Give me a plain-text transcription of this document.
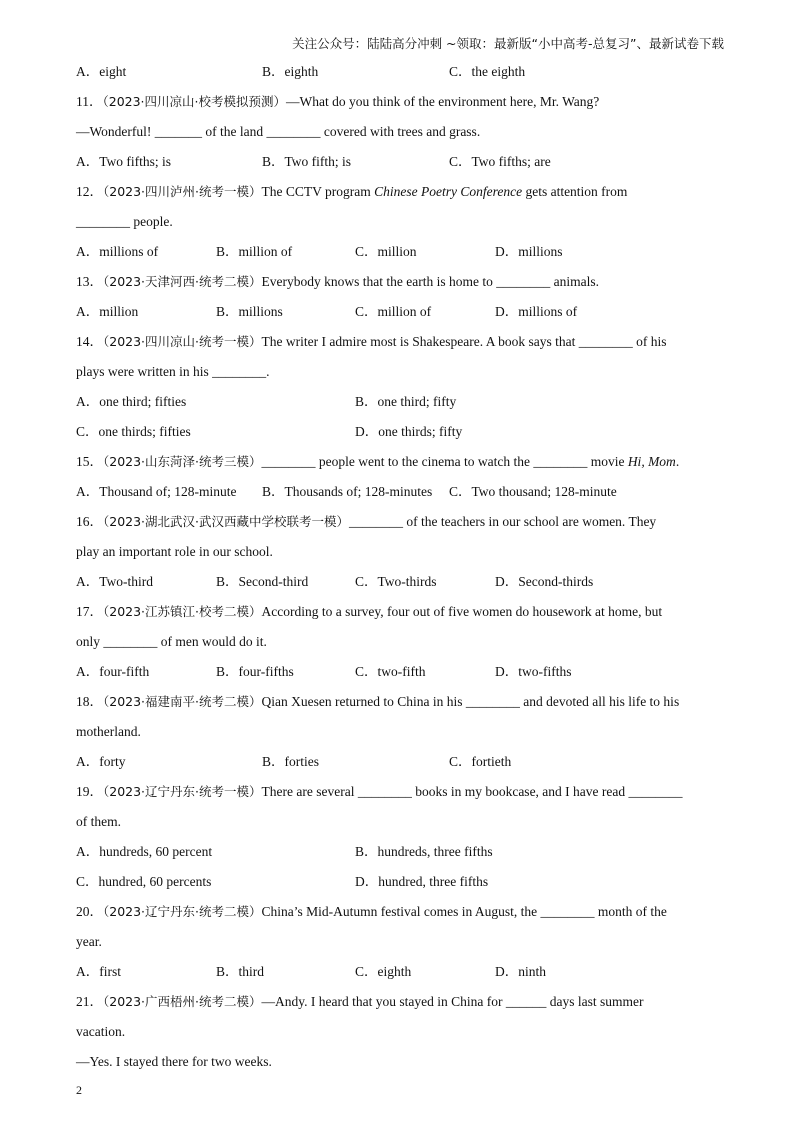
关注公众号：陆陆高分冲刺 ~领取：最新版“小中高考-总复习”、最新试卷下载
A．eight	B．eighth	C．the eighth
11．（2023·四川凉山·校考模拟预测）—What do you think of the environment here, Mr. Wang?
—Wonderful! _______ of the land ________ covered with trees and grass.
A．Two fifths; is	B．Two fifth; is	C．Two fifths; are
12．（2023·四川泸州·统考一模）The CCTV program Chinese Poetry Conference gets attention from
________ people.
A．millions of	B．million of	C．million	D．millions
13．（2023·天津河西·统考二模）Everybody knows that the earth is home to ________ animals.
A．million	B．millions	C．million of	D．millions of
14．（2023·四川凉山·统考一模）The writer I admire most is Shakespeare. A book says that ________ of his
plays were written in his ________.
A．one third; fifties	B．one third; fifty
C．one thirds; fifties	D．one thirds; fifty
15．（2023·山东菏泽·统考三模）________ people went to the cinema to watch the ________ movie Hi, Mom.
A．Thousand of; 128-minute B．Thousands of; 128-minutes C．Two thousand; 128-minute
16．（2023·湖北武汉·武汉西藏中学校联考一模）________ of the teachers in our school are women. They
play an important role in our school.
A．Two-third	B．Second-third	C．Two-thirds	D．Second-thirds
17．（2023·江苏镇江·校考二模）According to a survey, four out of five women do housework at home, but
only ________ of men would do it.
A．four-fifth	B．four-fifths	C．two-fifth	D．two-fifths
18．（2023·福建南平·统考二模）Qian Xuesen returned to China in his ________ and devoted all his life to his
motherland.
A．forty	B．forties	C．fortieth
19．（2023·辽宁丹东·统考一模）There are several ________ books in my bookcase, and I have read ________
of them.
A．hundreds, 60 percent	B．hundreds, three fifths
C．hundred, 60 percents	D．hundred, three fifths
20．（2023·辽宁丹东·统考二模）China’s Mid-Autumn festival comes in August, the ________ month of the
year.
A．first	B．third	C．eighth	D．ninth
21．（2023·广西梧州·统考二模）—Andy. I heard that you stayed in China for ______ days last summer
vacation.
—Yes. I stayed there for two weeks.
2
